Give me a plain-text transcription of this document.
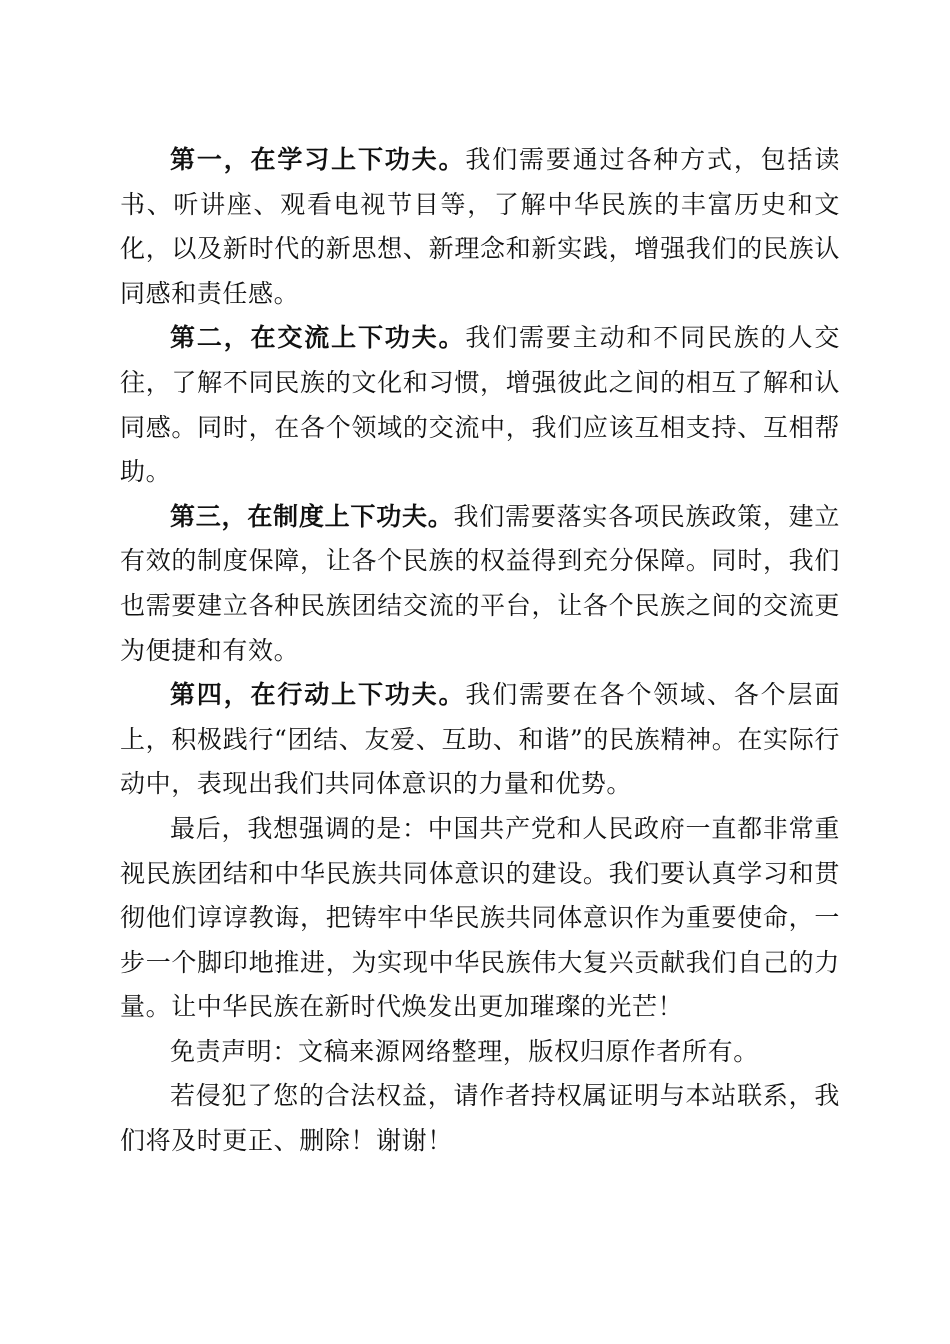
第一，在学习上下功夫。我们需要通过各种方式，包括读书、听讲座、观看电视节目等，了解中华民族的丰富历史和文化，以及新时代的新思想、新理念和新实践，增强我们的民族认同感和责任感。

第二，在交流上下功夫。我们需要主动和不同民族的人交往，了解不同民族的文化和习惯，增强彼此之间的相互了解和认同感。同时，在各个领域的交流中，我们应该互相支持、互相帮助。

第三，在制度上下功夫。我们需要落实各项民族政策，建立有效的制度保障，让各个民族的权益得到充分保障。同时，我们也需要建立各种民族团结交流的平台，让各个民族之间的交流更为便捷和有效。

第四，在行动上下功夫。我们需要在各个领域、各个层面上，积极践行“团结、友爱、互助、和谐”的民族精神。在实际行动中，表现出我们共同体意识的力量和优势。

最后，我想强调的是：中国共产党和人民政府一直都非常重视民族团结和中华民族共同体意识的建设。我们要认真学习和贯彻他们谆谆教诲，把铸牢中华民族共同体意识作为重要使命，一步一个脚印地推进，为实现中华民族伟大复兴贡献我们自己的力量。让中华民族在新时代焕发出更加璀璨的光芒！

免责声明：文稿来源网络整理，版权归原作者所有。

若侵犯了您的合法权益，请作者持权属证明与本站联系，我们将及时更正、删除！谢谢！
